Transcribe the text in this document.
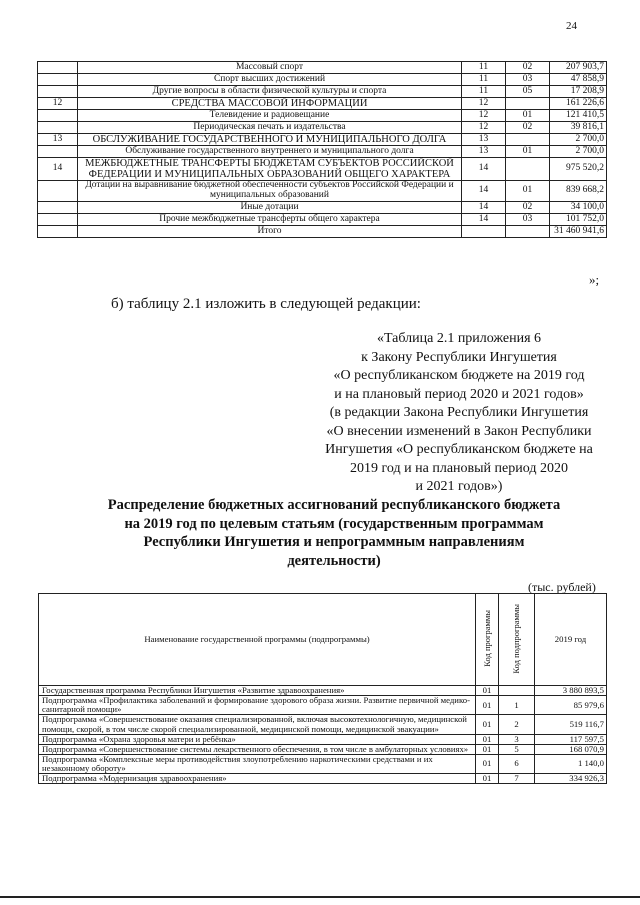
24
	Массовый спорт	11	02	207 903,7
	Спорт высших достижений	11	03	47 858,9
	Другие вопросы в области физической культуры и спорта	11	05	17 208,9
12	СРЕДСТВА МАССОВОЙ ИНФОРМАЦИИ	12		161 226,6
	Телевидение и радиовещание	12	01	121 410,5
	Периодическая печать и издательства	12	02	39 816,1
13	ОБСЛУЖИВАНИЕ ГОСУДАРСТВЕННОГО И МУНИЦИПАЛЬНОГО ДОЛГА	13		2 700,0
	Обслуживание государственного внутреннего и муниципального долга	13	01	2 700,0
14	МЕЖБЮДЖЕТНЫЕ ТРАНСФЕРТЫ БЮДЖЕТАМ СУБЪЕКТОВ РОССИЙСКОЙ ФЕДЕРАЦИИ И МУНИЦИПАЛЬНЫХ ОБРАЗОВАНИЙ ОБЩЕГО ХАРАКТЕРА	14		975 520,2
	Дотации на выравнивание бюджетной обеспеченности субъектов Российской Федерации и муниципальных образований	14	01	839 668,2
	Иные дотации	14	02	34 100,0
	Прочие межбюджетные трансферты общего характера	14	03	101 752,0
	Итого			31 460 941,6
»;
б) таблицу 2.1 изложить в следующей редакции:
«Таблица 2.1 приложения 6
к Закону Республики Ингушетия
«О республиканском бюджете на 2019 год
и на плановый период 2020 и 2021 годов»
(в редакции Закона Республики Ингушетия
«О внесении изменений в Закон Республики
Ингушетия «О республиканском бюджете на
2019 год и на плановый период 2020
и 2021 годов»)
Распределение бюджетных ассигнований республиканского бюджета
на 2019 год по целевым статьям (государственным программам
Республики Ингушетия и непрограммным направлениям
деятельности)
(тыс. рублей)
Наименование государственной программы (подпрограммы)	Код программы	Код подпрограммы	2019 год
Государственная программа Республики Ингушетия «Развитие здравоохранения»	01		3 880 893,5
Подпрограмма «Профилактика заболеваний и формирование здорового образа жизни. Развитие первичной медико-санитарной помощи»	01	1	85 979,6
Подпрограмма «Совершенствование оказания специализированной, включая высокотехнологичную, медицинской помощи, скорой, в том числе скорой специализированной, медицинской помощи, медицинской эвакуации»	01	2	519 116,7
Подпрограмма «Охрана здоровья матери и ребёнка»	01	3	117 597,5
Подпрограмма «Совершенствование системы лекарственного обеспечения, в том числе в амбулаторных условиях»	01	5	168 070,9
Подпрограмма «Комплексные меры противодействия злоупотреблению наркотическими средствами и их незаконному обороту»	01	6	1 140,0
Подпрограмма «Модернизация здравоохранения»	01	7	334 926,3
